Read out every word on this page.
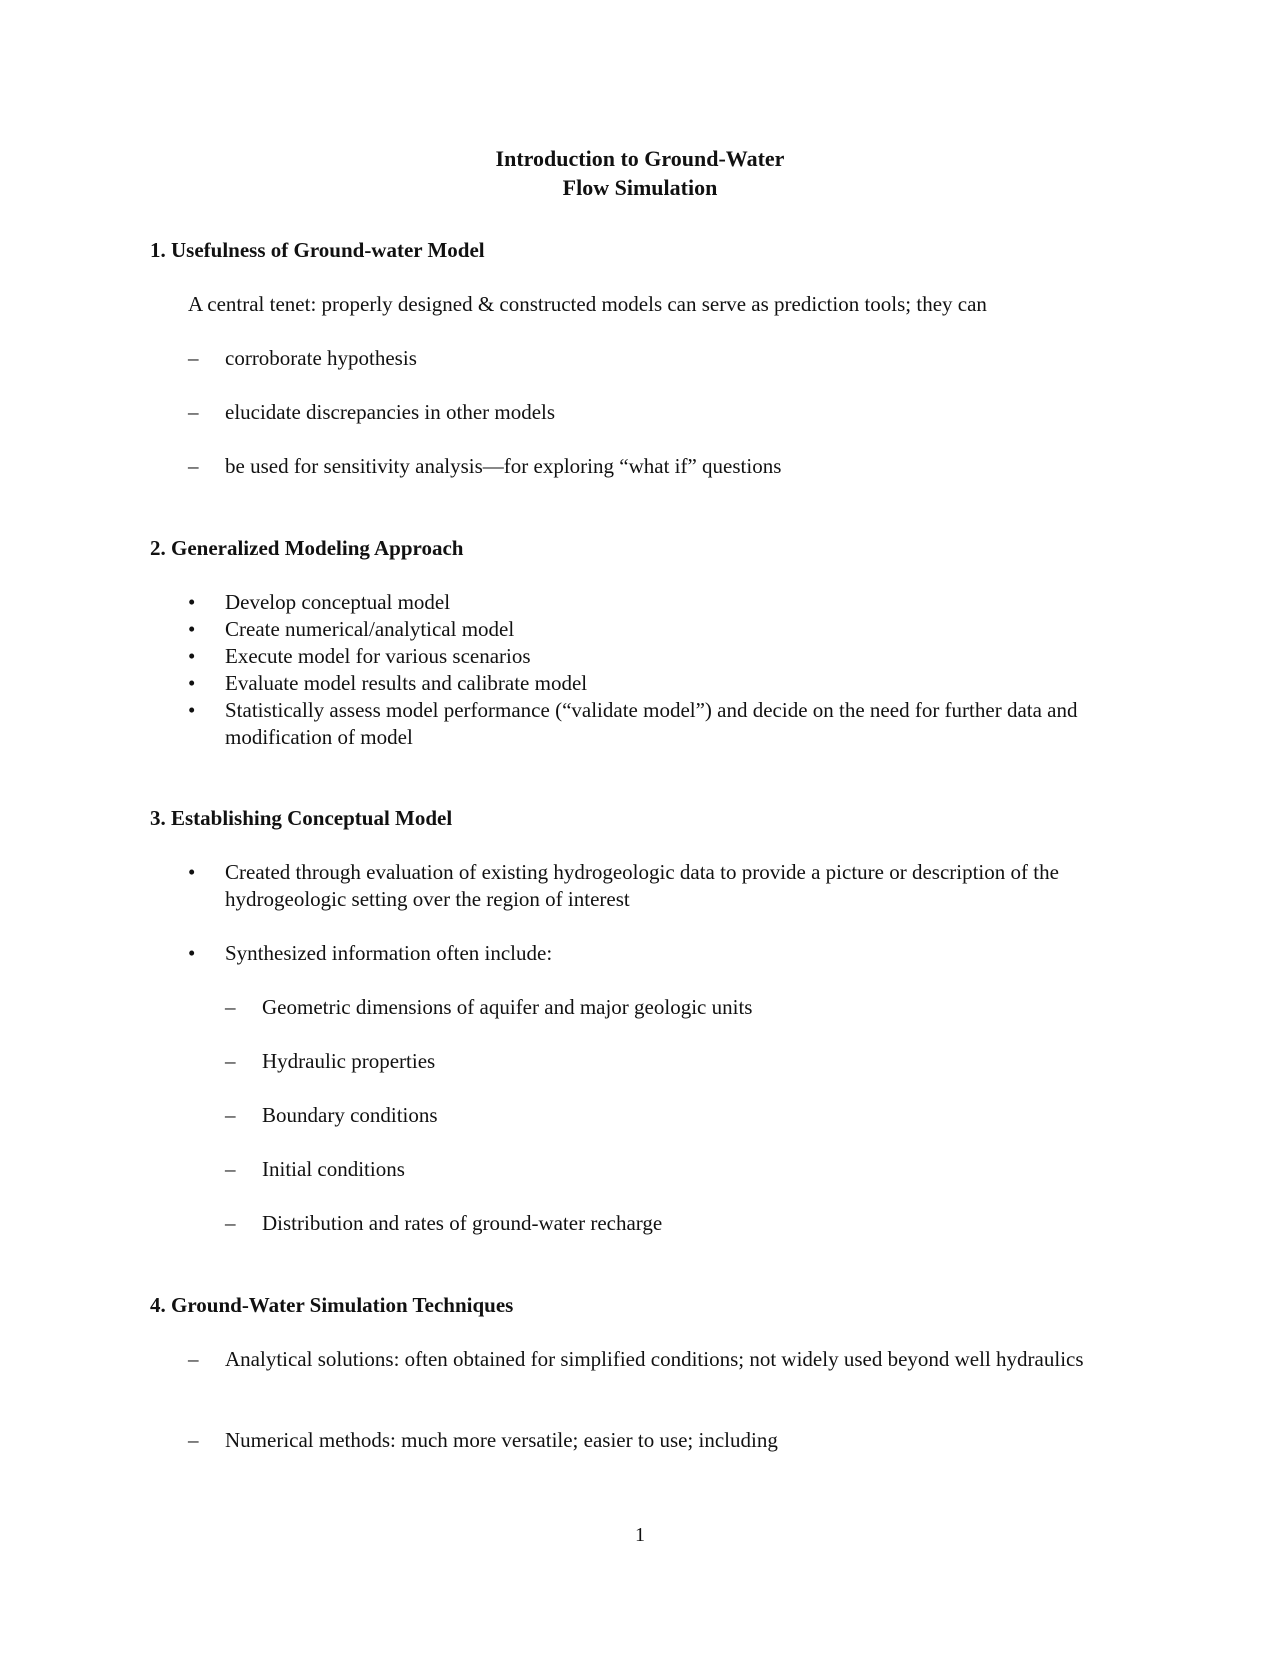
Introduction to Ground-Water
Flow Simulation
1. Usefulness of Ground-water Model
A central tenet: properly designed & constructed models can serve as prediction tools; they can
–	corroborate hypothesis
–	elucidate discrepancies in other models
–	be used for sensitivity analysis—for exploring “what if” questions
2. Generalized Modeling Approach
•	Develop conceptual model
•	Create numerical/analytical model
•	Execute model for various scenarios
•	Evaluate model results and calibrate model
•	Statistically assess model performance (“validate model”) and decide on the need for further data and modification of model
3. Establishing Conceptual Model
•	Created through evaluation of existing hydrogeologic data to provide a picture or description of the hydrogeologic setting over the region of interest
•	Synthesized information often include:
–	Geometric dimensions of aquifer and major geologic units
–	Hydraulic properties
–	Boundary conditions
–	Initial conditions
–	Distribution and rates of ground-water recharge
4. Ground-Water Simulation Techniques
–	Analytical solutions: often obtained for simplified conditions; not widely used beyond well hydraulics
–	Numerical methods: much more versatile; easier to use; including
1
